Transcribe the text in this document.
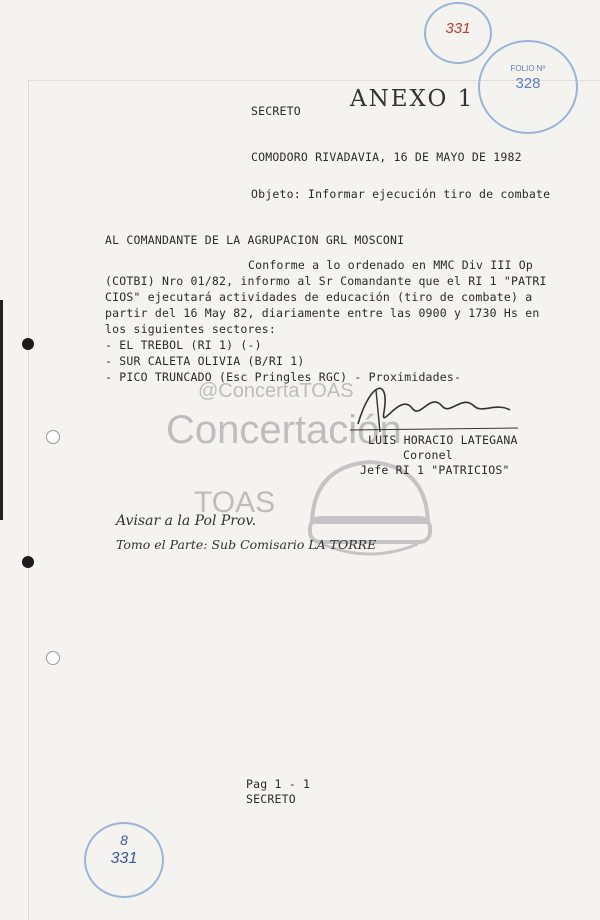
331
FOLIO Nº
328
8
331
ANEXO 1
SECRETO
COMODORO RIVADAVIA, 16 DE MAYO DE 1982
Objeto: Informar ejecución tiro de combate
AL COMANDANTE DE LA AGRUPACION GRL MOSCONI
Conforme a lo ordenado en MMC Div III Op
(COTBI) Nro 01/82, informo al Sr Comandante que el RI 1 "PATRI
CIOS" ejecutará actividades de educación (tiro de combate) a
partir del 16 May 82, diariamente entre las 0900 y 1730 Hs en
los siguientes sectores:
- EL TREBOL (RI 1) (-)
- SUR CALETA OLIVIA (B/RI 1)
- PICO TRUNCADO (Esc Pringles RGC) - Proximidades-
@ConcertaTOAS
Concertación
TOAS
LUIS HORACIO LATEGANA
Coronel
Jefe RI 1 "PATRICIOS"
Avisar a la Pol Prov.
Tomo el Parte: Sub Comisario LA TORRE
Pag 1 - 1
SECRETO
